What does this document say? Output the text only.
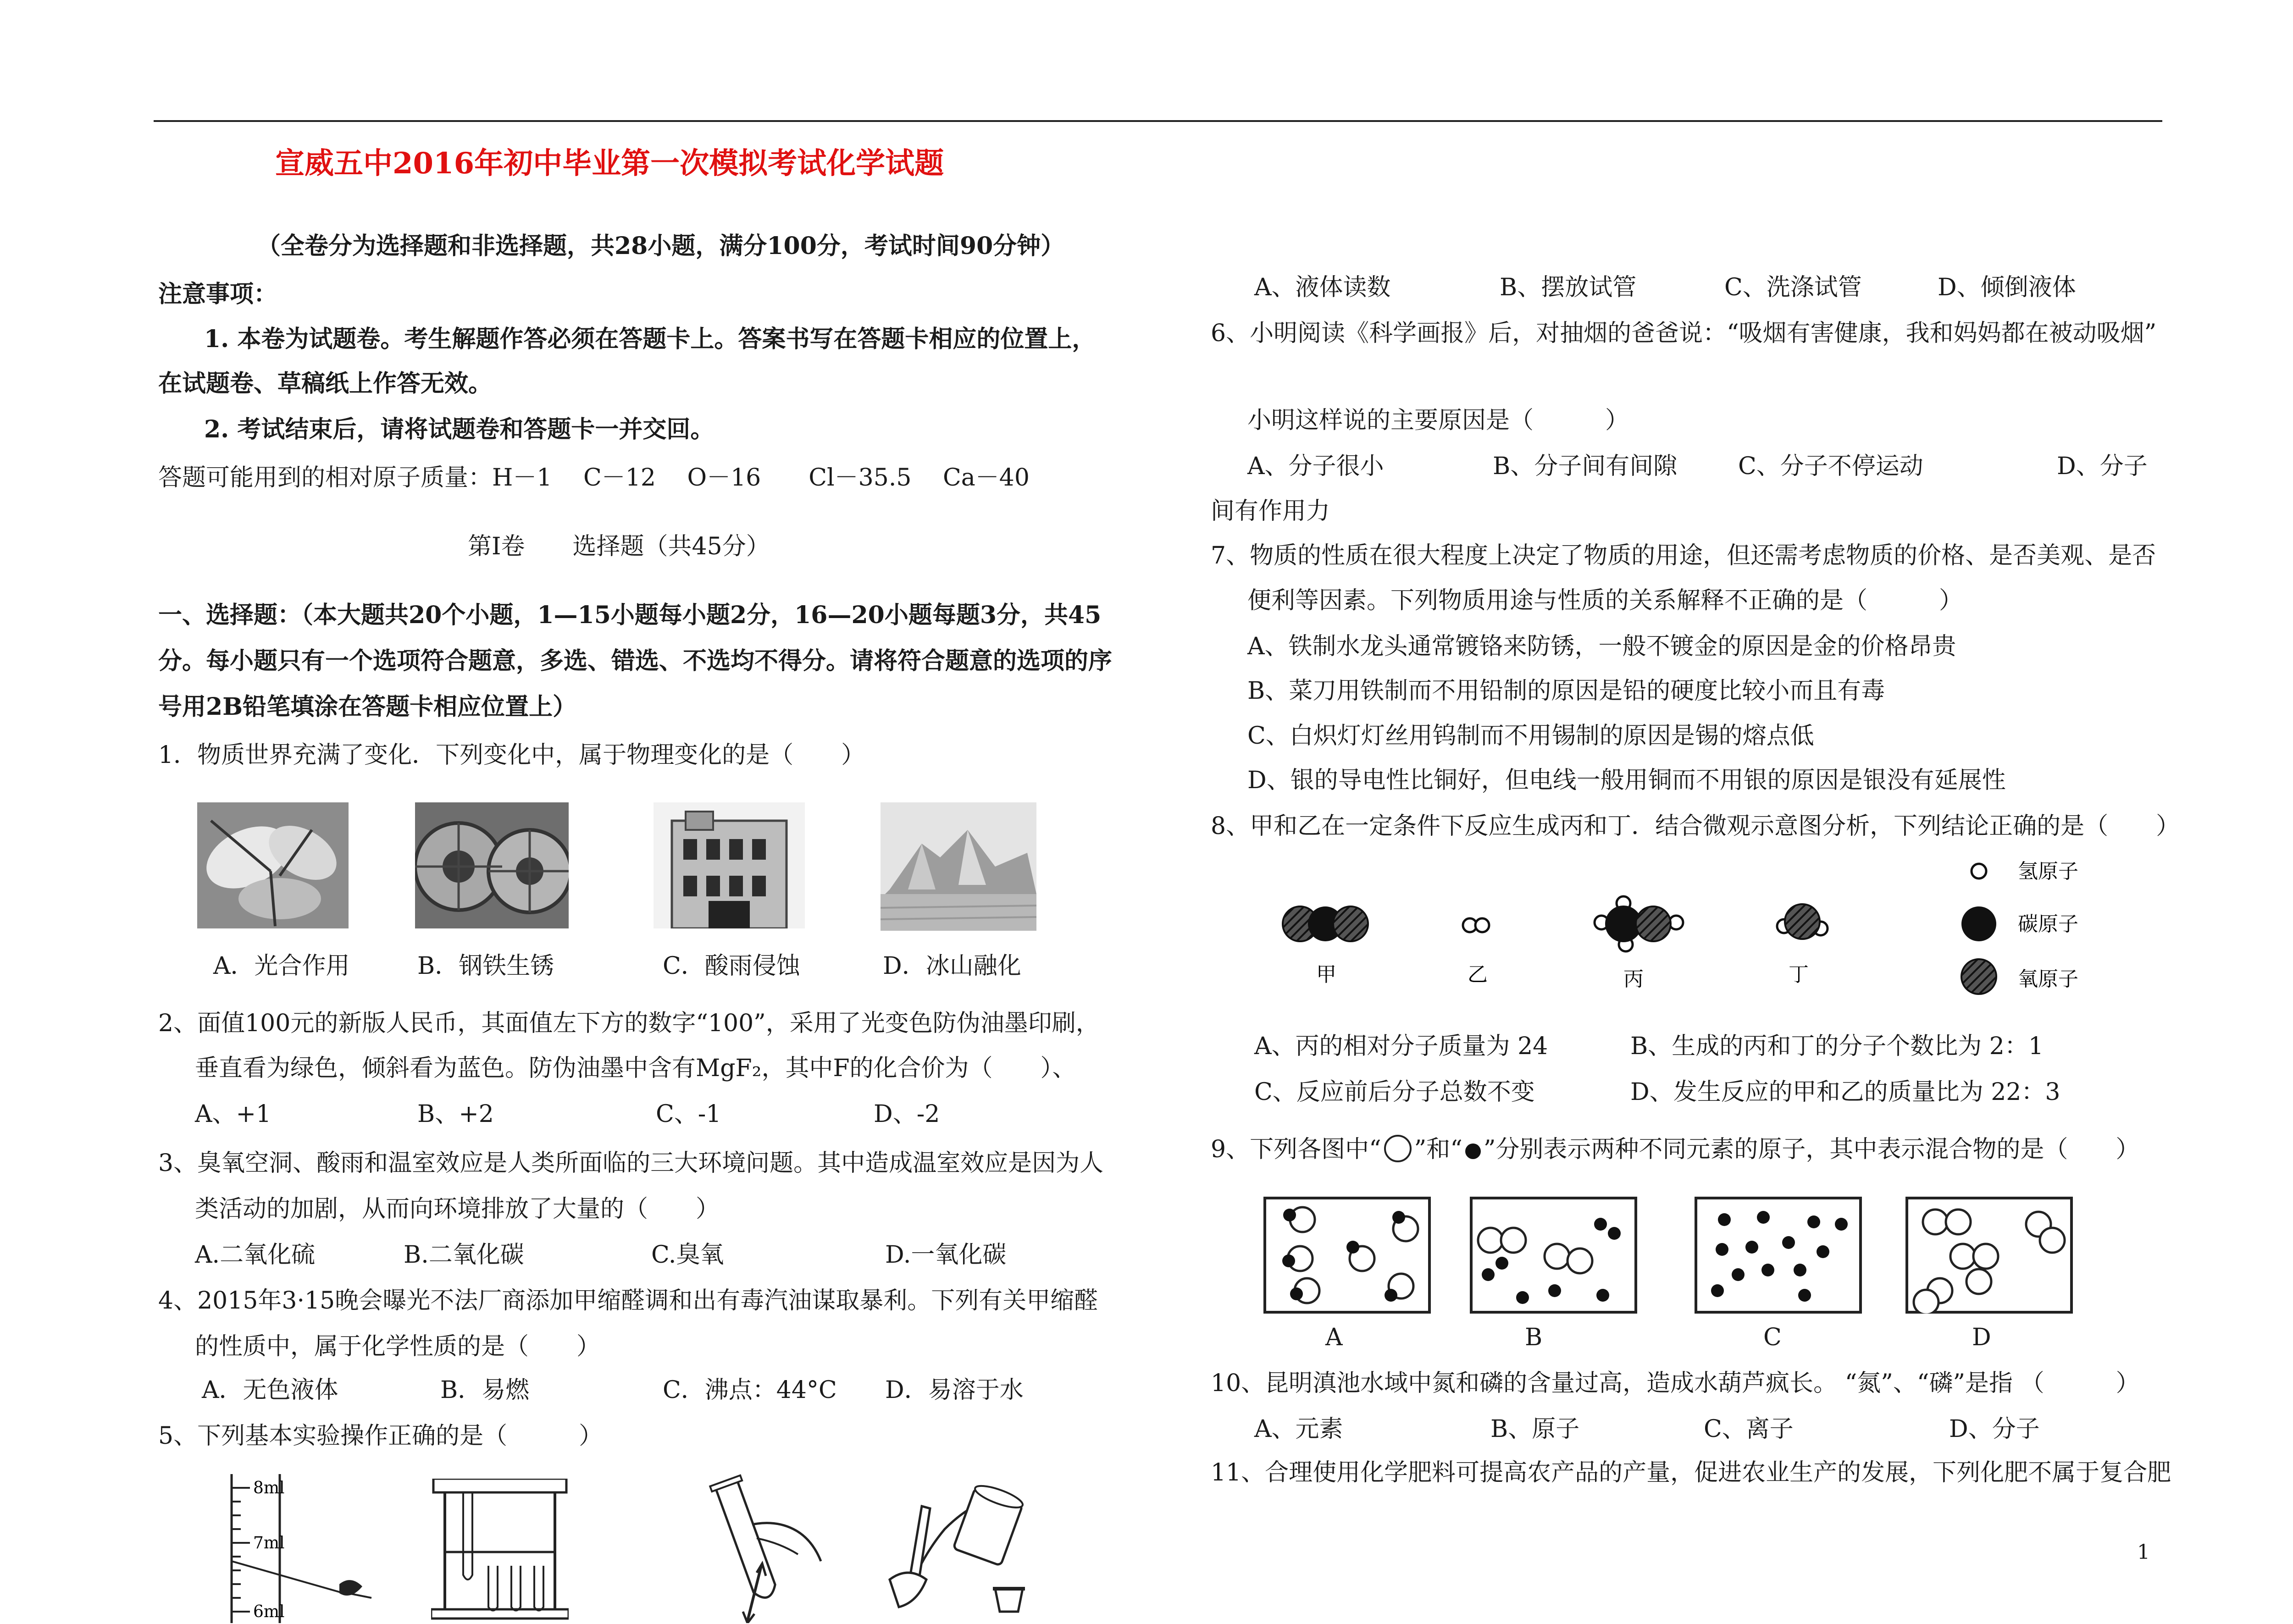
宣威五中2016年初中毕业第一次模拟考试化学试题
（全卷分为选择题和非选择题，共28小题，满分100分，考试时间90分钟）
注意事项：
1. 本卷为试题卷。考生解题作答必须在答题卡上。答案书写在答题卡相应的位置上，
在试题卷、草稿纸上作答无效。
2. 考试结束后，请将试题卷和答题卡一并交回。
答题可能用到的相对原子质量：H－1　 C－12　 O－16　　Cl－35.5　 Ca－40
第Ⅰ卷　　选择题（共45分）
一、选择题：（本大题共20个小题，1—15小题每小题2分，16—20小题每题3分，共45
分。每小题只有一个选项符合题意，多选、错选、不选均不得分。请将符合题意的选项的序
号用2B铅笔填涂在答题卡相应位置上）
1．物质世界充满了变化．下列变化中，属于物理变化的是（　　）
A．光合作用	B．钢铁生锈	C．酸雨侵蚀	D．冰山融化
2、面值100元的新版人民币，其面值左下方的数字“100”，采用了光变色防伪油墨印刷，
垂直看为绿色，倾斜看为蓝色。防伪油墨中含有MgF₂，其中F的化合价为（　　）、
A、+1	B、+2	C、-1	D、-2
3、臭氧空洞、酸雨和温室效应是人类所面临的三大环境问题。其中造成温室效应是因为人
类活动的加剧，从而向环境排放了大量的（　　）
A.二氧化硫	B.二氧化碳	C.臭氧	D.一氧化碳
4、2015年3·15晚会曝光不法厂商添加甲缩醛调和出有毒汽油谋取暴利。下列有关甲缩醛
的性质中，属于化学性质的是（　　）
A．无色液体	B．易燃	C．沸点：44°C D．易溶于水
5、下列基本实验操作正确的是（　　　）
8ml
7ml
6ml
A、液体读数	B、摆放试管	C、洗涤试管	D、倾倒液体
6、小明阅读《科学画报》后，对抽烟的爸爸说：“吸烟有害健康，我和妈妈都在被动吸烟”
小明这样说的主要原因是（　　　）
A、分子很小	B、分子间有间隙	C、分子不停运动	D、分子
间有作用力
7、物质的性质在很大程度上决定了物质的用途，但还需考虑物质的价格、是否美观、是否
便利等因素。下列物质用途与性质的关系解释不正确的是（　　　）
A、铁制水龙头通常镀铬来防锈，一般不镀金的原因是金的价格昂贵
B、菜刀用铁制而不用铅制的原因是铅的硬度比较小而且有毒
C、白炽灯灯丝用钨制而不用锡制的原因是锡的熔点低
D、银的导电性比铜好，但电线一般用铜而不用银的原因是银没有延展性
8、甲和乙在一定条件下反应生成丙和丁．结合微观示意图分析，下列结论正确的是（　　）
甲	乙	丙	丁
氢原子
碳原子
氧原子
A、丙的相对分子质量为 24	B、生成的丙和丁的分子个数比为 2：1
C、反应前后分子总数不变	D、发生反应的甲和乙的质量比为 22：3
9、下列各图中“ ”和“ ”分别表示两种不同元素的原子，其中表示混合物的是（　　）
A	B	C	D
10、昆明滇池水域中氮和磷的含量过高，造成水葫芦疯长。 “氮”、“磷”是指 （　　　）
A、元素	B、原子	C、离子	D、分子
11、合理使用化学肥料可提高农产品的产量，促进农业生产的发展，下列化肥不属于复合肥
1
